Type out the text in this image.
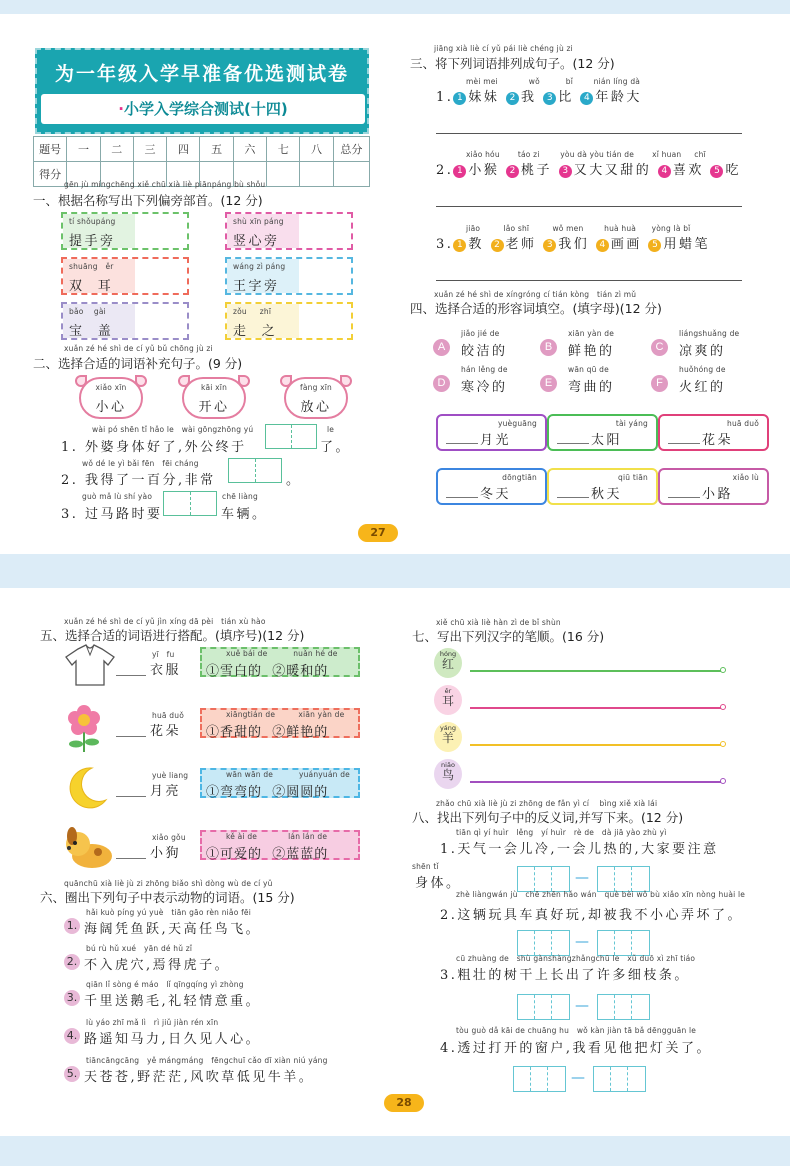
为一年级入学早准备优选测试卷
·小学入学综合测试(十四)
题号	一	二	三	四	五	六	七	八	总分
得分									
gēn jù míngchēng xiě chū xià liè piānpáng bù shǒu
一、根据名称写出下列偏旁部首。(12 分)
tí shǒupáng
提手旁
shù xīn páng
竖心旁
shuāng   ěr
双  耳
wáng zì páng
王字旁
bǎo    gài
宝  盖
zǒu     zhī
走  之
xuǎn zé hé shì de cí yǔ bǔ chōng jù zi
二、选择合适的词语补充句子。(9 分)
xiǎo xīn
小心
kāi xīn
开心
fàng xīn
放心
wài pó shēn tǐ hǎo le   wài gōngzhōng yú	le
1. 外婆身体好了,外公终于	了。
wǒ dé le yì bǎi fēn   fēi cháng
2. 我得了一百分,非常	。
guò mǎ lù shí yào	chē liàng
3. 过马路时要	车辆。
jiāng xià liè cí yǔ pái liè chéng jù zi
三、将下列词语排列成句子。(12 分)
mèi mei            wǒ          bǐ        nián líng dà
1. 1 妹妹 2 我 3 比 4 年龄大
xiǎo hóu       táo zi        yòu dà yòu tián de       xǐ huan     chī
2. 1 小猴 2 桃子 3 又大又甜的 4 喜欢 5 吃
jiāo         lǎo shī         wǒ men        huà huà      yòng là bǐ
3. 1 教 2 老师 3 我们 4 画画 5 用蜡笔
xuǎn zé hé shì de xíngróng cí tián kòng   tián zì mǔ
四、选择合适的形容词填空。(填字母)(12 分)
A
jiǎo jié de
皎洁的	B
xiān yàn de
鲜艳的	C
liángshuǎng de
凉爽的
D
hán lěng de
寒冷的	E
wān qū de
弯曲的	F
huǒhóng de
火红的
yuèguāng
月光
tài yáng
太阳
huā duǒ
花朵
dōngtiān
冬天
qiū tiān
秋天
xiǎo lù
小路
27
xuǎn zé hé shì de cí yǔ jìn xíng dā pèi   tián xù hào
五、选择合适的词语进行搭配。(填序号)(12 分)
yī   fu
衣服
xuě bái de          nuǎn hé de
①雪白的  ②暖和的
huā duǒ
花朵
xiāngtián de         xiān yàn de
①香甜的  ②鲜艳的
yuè liang
月亮
wān wān de          yuányuán de
①弯弯的  ②圆圆的
xiǎo gǒu
小狗
kě ài de            lán lán de
①可爱的  ②蓝蓝的
quānchū xià liè jù zi zhōng biǎo shì dòng wù de cí yǔ
六、圈出下列句子中表示动物的词语。(15 分)
hǎi kuò píng yú yuè   tiān gāo rèn niǎo fēi
1. 海阔凭鱼跃,天高任鸟飞。
bú rù hǔ xué   yān dé hǔ zǐ
2. 不入虎穴,焉得虎子。
qiān lǐ sòng é máo   lǐ qīngqíng yì zhòng
3. 千里送鹅毛,礼轻情意重。
lù yáo zhī mǎ lì   rì jiǔ jiàn rén xīn
4. 路遥知马力,日久见人心。
tiāncāngcāng   yě mángmáng   fēngchuī cǎo dī xiàn niú yáng
5. 天苍苍,野茫茫,风吹草低见牛羊。
xiě chū xià liè hàn zì de bǐ shùn
七、写出下列汉字的笔顺。(16 分)
hóng
红
ěr
耳
yáng
羊
niǎo
鸟
zhǎo chū xià liè jù zi zhōng de fǎn yì cí    bìng xiě xià lái
八、找出下列句子中的反义词,并写下来。(12 分)
tiān qì yí huìr   lěng   yí huìr   rè de   dà jiā yào zhù yì
1.天气一会儿冷,一会儿热的,大家要注意
shēn tǐ
身体。	—
zhè liàngwán jù   chē zhēn hǎo wán   què bèi wǒ bù xiǎo xīn nòng huài le
2.这辆玩具车真好玩,却被我不小心弄坏了。
—
cū zhuàng de   shù gànshàngzhǎngchū le   xǔ duō xì zhī tiáo
3.粗壮的树干上长出了许多细枝条。
—
tòu guò dǎ kāi de chuāng hu   wǒ kàn jiàn tā bǎ dēngguān le
4.透过打开的窗户,我看见他把灯关了。
—
28
